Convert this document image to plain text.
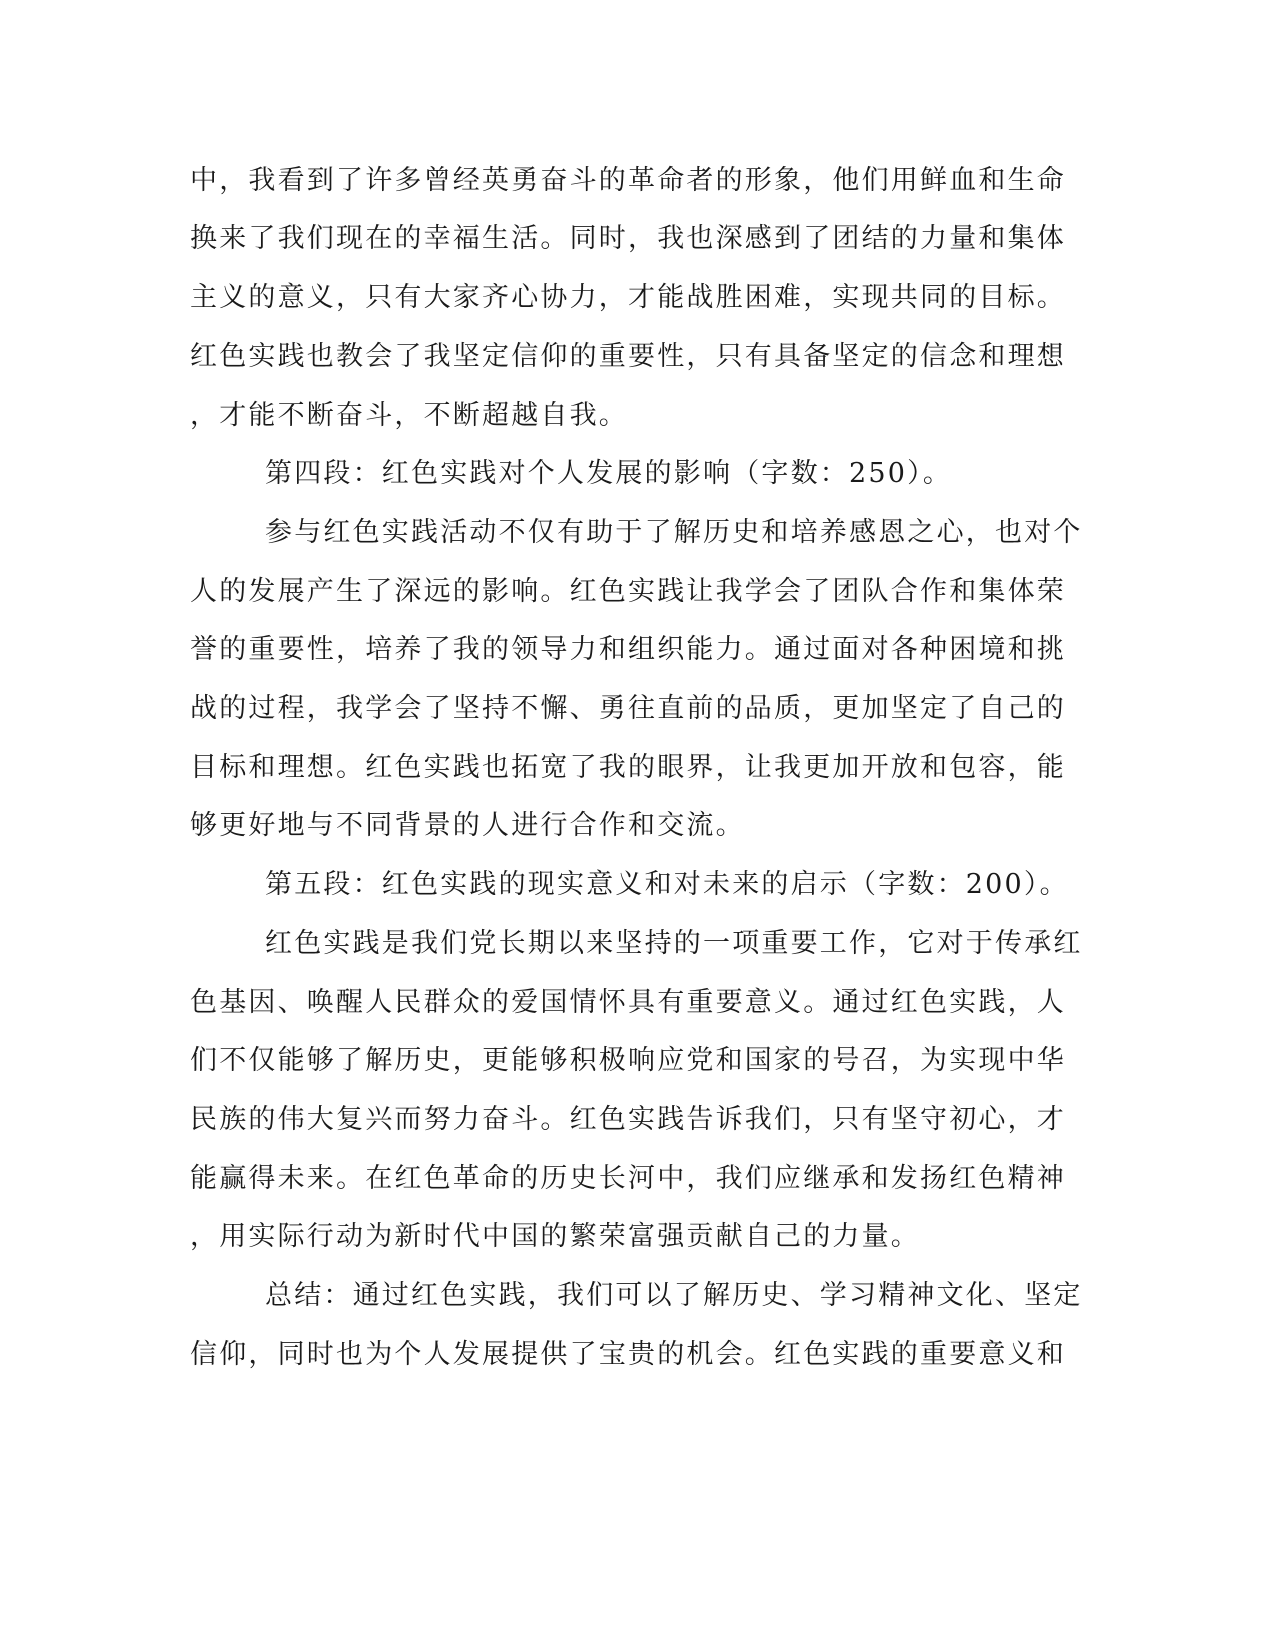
中，我看到了许多曾经英勇奋斗的革命者的形象，他们用鲜血和生命
换来了我们现在的幸福生活。同时，我也深感到了团结的力量和集体
主义的意义，只有大家齐心协力，才能战胜困难，实现共同的目标。
红色实践也教会了我坚定信仰的重要性，只有具备坚定的信念和理想
，才能不断奋斗，不断超越自我。
第四段：红色实践对个人发展的影响（字数：250）。
参与红色实践活动不仅有助于了解历史和培养感恩之心，也对个
人的发展产生了深远的影响。红色实践让我学会了团队合作和集体荣
誉的重要性，培养了我的领导力和组织能力。通过面对各种困境和挑
战的过程，我学会了坚持不懈、勇往直前的品质，更加坚定了自己的
目标和理想。红色实践也拓宽了我的眼界，让我更加开放和包容，能
够更好地与不同背景的人进行合作和交流。
第五段：红色实践的现实意义和对未来的启示（字数：200）。
红色实践是我们党长期以来坚持的一项重要工作，它对于传承红
色基因、唤醒人民群众的爱国情怀具有重要意义。通过红色实践，人
们不仅能够了解历史，更能够积极响应党和国家的号召，为实现中华
民族的伟大复兴而努力奋斗。红色实践告诉我们，只有坚守初心，才
能赢得未来。在红色革命的历史长河中，我们应继承和发扬红色精神
，用实际行动为新时代中国的繁荣富强贡献自己的力量。
总结：通过红色实践，我们可以了解历史、学习精神文化、坚定
信仰，同时也为个人发展提供了宝贵的机会。红色实践的重要意义和
